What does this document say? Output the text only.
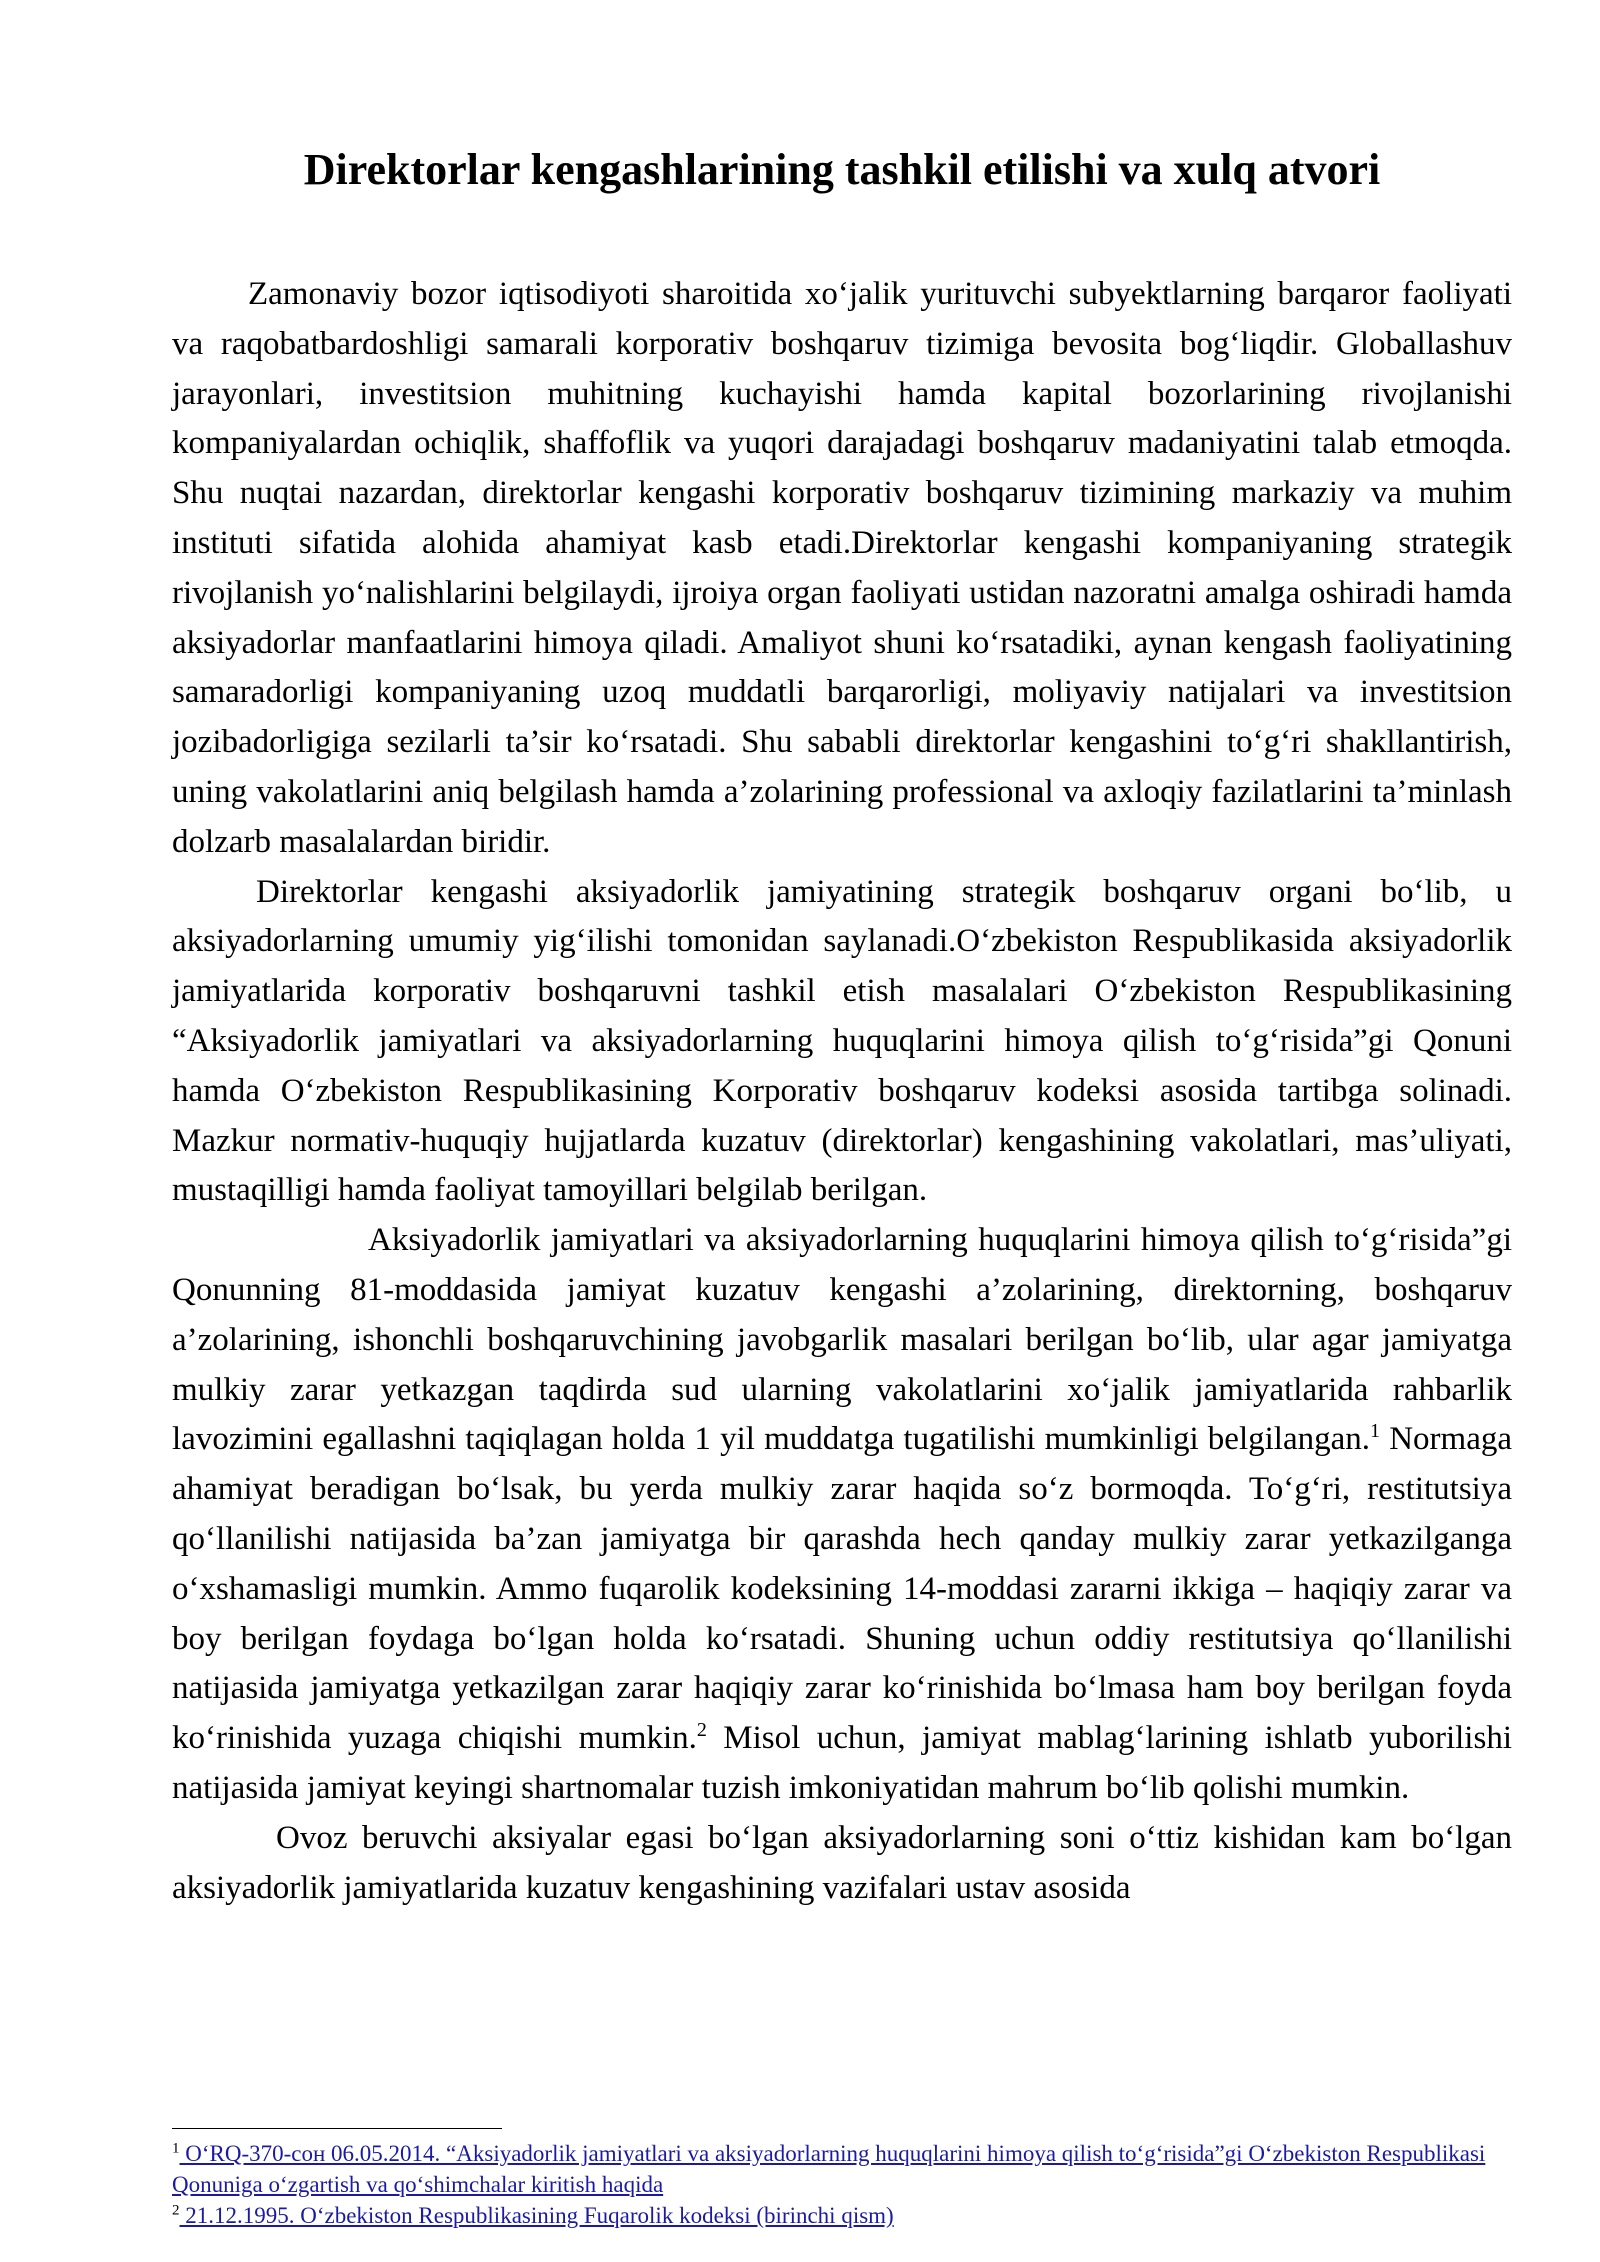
Direktorlar kengashlarining tashkil etilishi va xulq atvori

Zamonaviy bozor iqtisodiyoti sharoitida xo‘jalik yurituvchi subyektlarning barqaror faoliyati va raqobatbardoshligi samarali korporativ boshqaruv tizimiga bevosita bog‘liqdir. Globallashuv jarayonlari, investitsion muhitning kuchayishi hamda kapital bozorlarining rivojlanishi kompaniyalardan ochiqlik, shaffoflik va yuqori darajadagi boshqaruv madaniyatini talab etmoqda. Shu nuqtai nazardan, direktorlar kengashi korporativ boshqaruv tizimining markaziy va muhim instituti sifatida alohida ahamiyat kasb etadi.Direktorlar kengashi kompaniyaning strategik rivojlanish yo‘nalishlarini belgilaydi, ijroiya organ faoliyati ustidan nazoratni amalga oshiradi hamda aksiyadorlar manfaatlarini himoya qiladi. Amaliyot shuni ko‘rsatadiki, aynan kengash faoliyatining samaradorligi kompaniyaning uzoq muddatli barqarorligi, moliyaviy natijalari va investitsion jozibadorligiga sezilarli ta’sir ko‘rsatadi. Shu sababli direktorlar kengashini to‘g‘ri shakllantirish, uning vakolatlarini aniq belgilash hamda a’zolarining professional va axloqiy fazilatlarini ta’minlash dolzarb masalalardan biridir.

Direktorlar kengashi aksiyadorlik jamiyatining strategik boshqaruv organi bo‘lib, u aksiyadorlarning umumiy yig‘ilishi tomonidan saylanadi.O‘zbekiston Respublikasida aksiyadorlik jamiyatlarida korporativ boshqaruvni tashkil etish masalalari O‘zbekiston Respublikasining “Aksiyadorlik jamiyatlari va aksiyadorlarning huquqlarini himoya qilish to‘g‘risida”gi Qonuni hamda O‘zbekiston Respublikasining Korporativ boshqaruv kodeksi asosida tartibga solinadi. Mazkur normativ-huquqiy hujjatlarda kuzatuv (direktorlar) kengashining vakolatlari, mas’uliyati, mustaqilligi hamda faoliyat tamoyillari belgilab berilgan.

Aksiyadorlik jamiyatlari va aksiyadorlarning huquqlarini himoya qilish to‘g‘risida”gi Qonunning 81-moddasida jamiyat kuzatuv kengashi a’zolarining, direktorning, boshqaruv a’zolarining, ishonchli boshqaruvchining javobgarlik masalari berilgan bo‘lib, ular agar jamiyatga mulkiy zarar yetkazgan taqdirda sud ularning vakolatlarini xo‘jalik jamiyatlarida rahbarlik lavozimini egallashni taqiqlagan holda 1 yil muddatga tugatilishi mumkinligi belgilangan.$^1$ Normaga ahamiyat beradigan bo‘lsak, bu yerda mulkiy zarar haqida so‘z bormoqda. To‘g‘ri, restitutsiya qo‘llanilishi natijasida ba’zan jamiyatga bir qarashda hech qanday mulkiy zarar yetkazilganga o‘xshamasligi mumkin. Ammo fuqarolik kodeksining 14-moddasi zararni ikkiga – haqiqiy zarar va boy berilgan foydaga bo‘lgan holda ko‘rsatadi. Shuning uchun oddiy restitutsiya qo‘llanilishi natijasida jamiyatga yetkazilgan zarar haqiqiy zarar ko‘rinishida bo‘lmasa ham boy berilgan foyda ko‘rinishida yuzaga chiqishi mumkin.$^2$ Misol uchun, jamiyat mablag‘larining ishlatb yuborilishi natijasida jamiyat keyingi shartnomalar tuzish imkoniyatidan mahrum bo‘lib qolishi mumkin.

Ovoz beruvchi aksiyalar egasi bo‘lgan aksiyadorlarning soni o‘ttiz kishidan kam bo‘lgan aksiyadorlik jamiyatlarida kuzatuv kengashining vazifalari ustav asosida

$^1$ O‘RQ-370-сон 06.05.2014. “Aksiyadorlik jamiyatlari va aksiyadorlarning huquqlarini himoya qilish to‘g‘risida”gi O‘zbekiston Respublikasi Qonuniga o‘zgartish va qo‘shimchalar kiritish haqida

$^2$ 21.12.1995. O‘zbekiston Respublikasining Fuqarolik kodeksi (birinchi qism)
